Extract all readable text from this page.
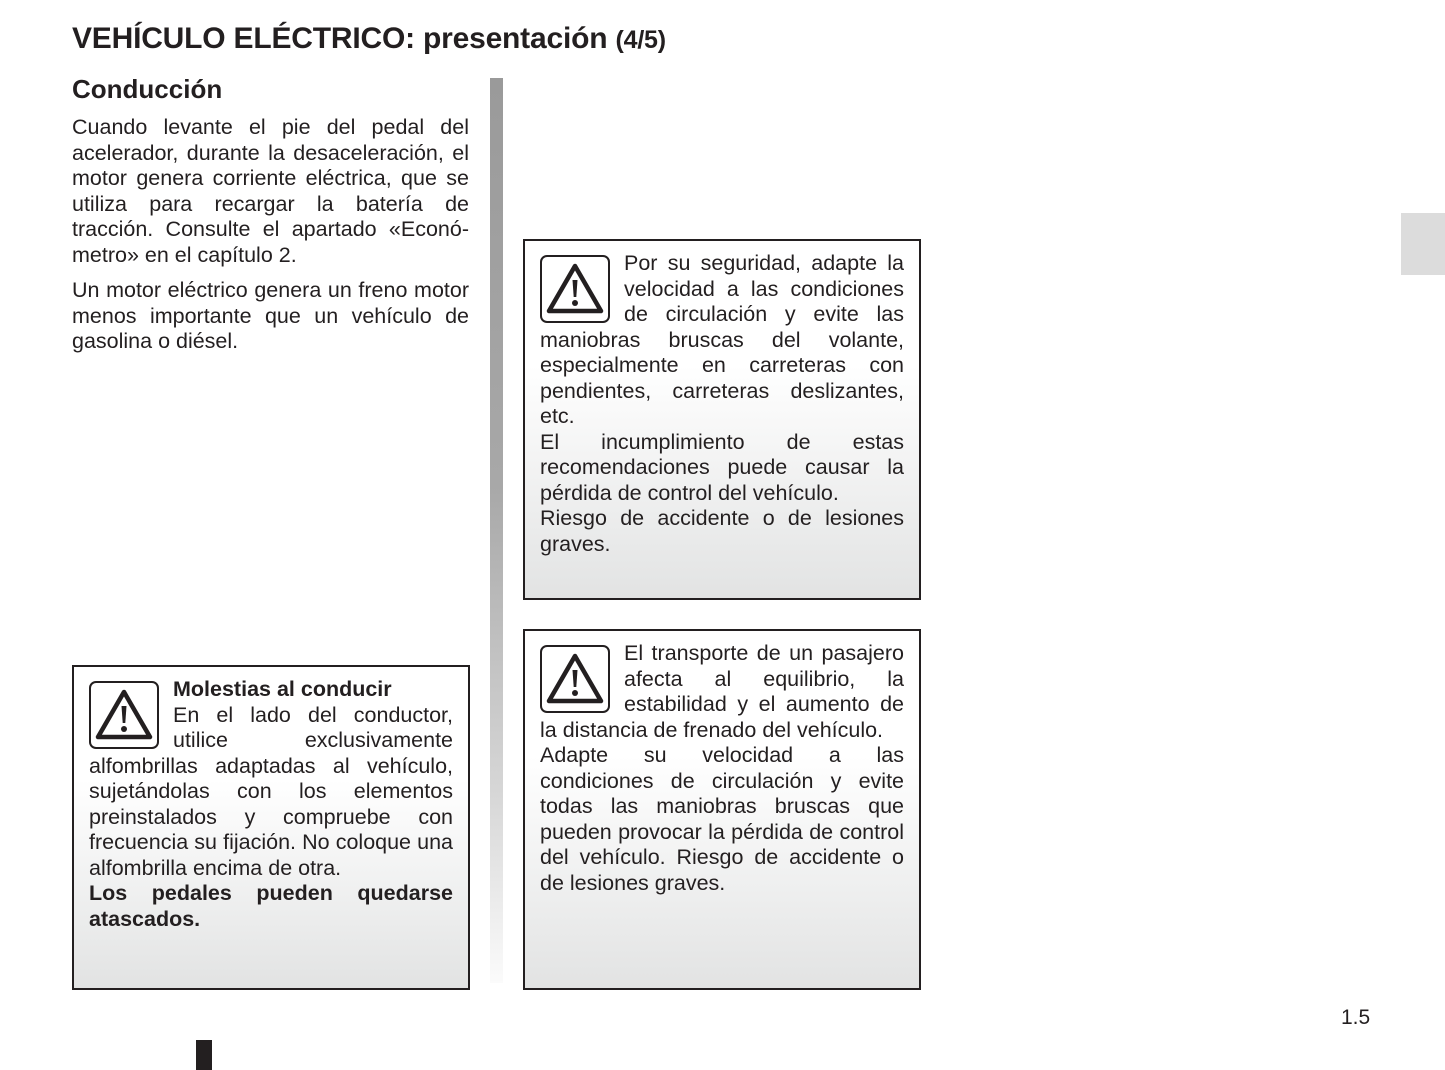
VEHÍCULO ELÉCTRICO: presentación (4/5)
Conducción

Cuando levante el pie del pedal del acelerador, durante la desaceleración, el motor genera corriente eléctrica, que se utiliza para recargar la batería de tracción. Consulte el apartado «Económetro» en el capítulo 2.

Un motor eléctrico genera un freno motor menos importante que un vehículo de gasolina o diésel.

Molestias al conducir
En el lado del conductor, utilice exclusivamente alfombrillas adaptadas al vehículo, sujetándolas con los elementos preinstalados y compruebe con frecuencia su fijación. No coloque una alfombrilla encima de otra.
Los pedales pueden quedarse atascados.

Por su seguridad, adapte la velocidad a las condiciones de circulación y evite las maniobras bruscas del volante, especialmente en carreteras con pendientes, carreteras deslizantes, etc.

El incumplimiento de estas recomendaciones puede causar la pérdida de control del vehículo.

Riesgo de accidente o de lesiones graves.

El transporte de un pasajero afecta al equilibrio, la estabilidad y el aumento de la distancia de frenado del vehículo.

Adapte su velocidad a las condiciones de circulación y evite todas las maniobras bruscas que pueden provocar la pérdida de control del vehículo. Riesgo de accidente o de lesiones graves.

1.5
